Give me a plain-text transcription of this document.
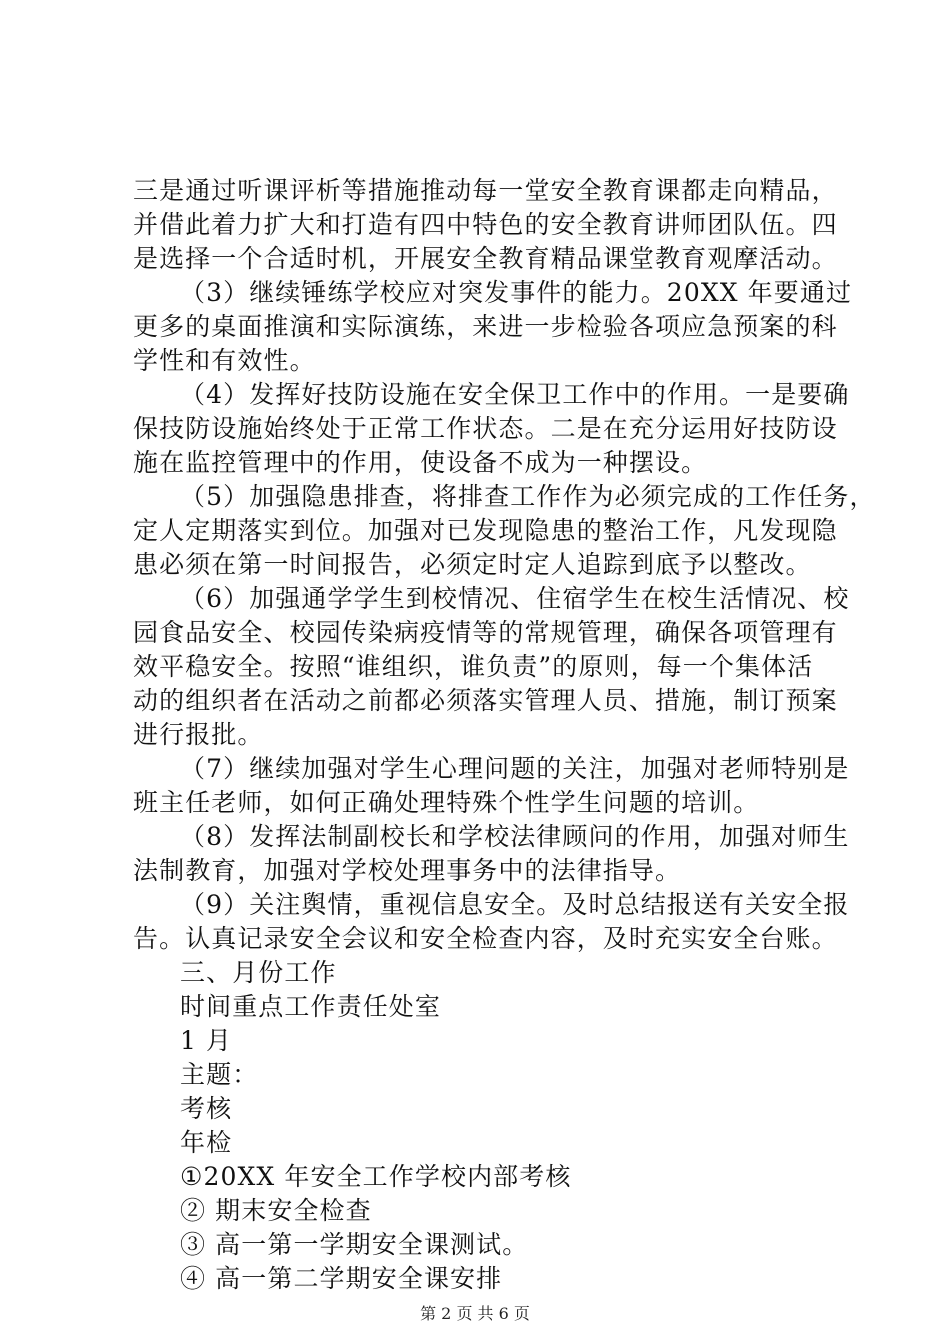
三是通过听课评析等措施推动每一堂安全教育课都走向精品，
并借此着力扩大和打造有四中特色的安全教育讲师团队伍。四
是选择一个合适时机，开展安全教育精品课堂教育观摩活动。
（3）继续锤练学校应对突发事件的能力。20XX 年要通过
更多的桌面推演和实际演练，来进一步检验各项应急预案的科
学性和有效性。
（4）发挥好技防设施在安全保卫工作中的作用。一是要确
保技防设施始终处于正常工作状态。二是在充分运用好技防设
施在监控管理中的作用，使设备不成为一种摆设。
（5）加强隐患排查，将排查工作作为必须完成的工作任务，
定人定期落实到位。加强对已发现隐患的整治工作，凡发现隐
患必须在第一时间报告，必须定时定人追踪到底予以整改。
（6）加强通学学生到校情况、住宿学生在校生活情况、校
园食品安全、校园传染病疫情等的常规管理，确保各项管理有
效平稳安全。按照“谁组织，谁负责”的原则，每一个集体活
动的组织者在活动之前都必须落实管理人员、措施，制订预案
进行报批。
（7）继续加强对学生心理问题的关注，加强对老师特别是
班主任老师，如何正确处理特殊个性学生问题的培训。
（8）发挥法制副校长和学校法律顾问的作用，加强对师生
法制教育，加强对学校处理事务中的法律指导。
（9）关注舆情，重视信息安全。及时总结报送有关安全报
告。认真记录安全会议和安全检查内容，及时充实安全台账。
三、月份工作
时间重点工作责任处室
1 月
主题：
考核
年检
①20XX 年安全工作学校内部考核
② 期末安全检查
③ 高一第一学期安全课测试。
④ 高一第二学期安全课安排
第 2 页 共 6 页
